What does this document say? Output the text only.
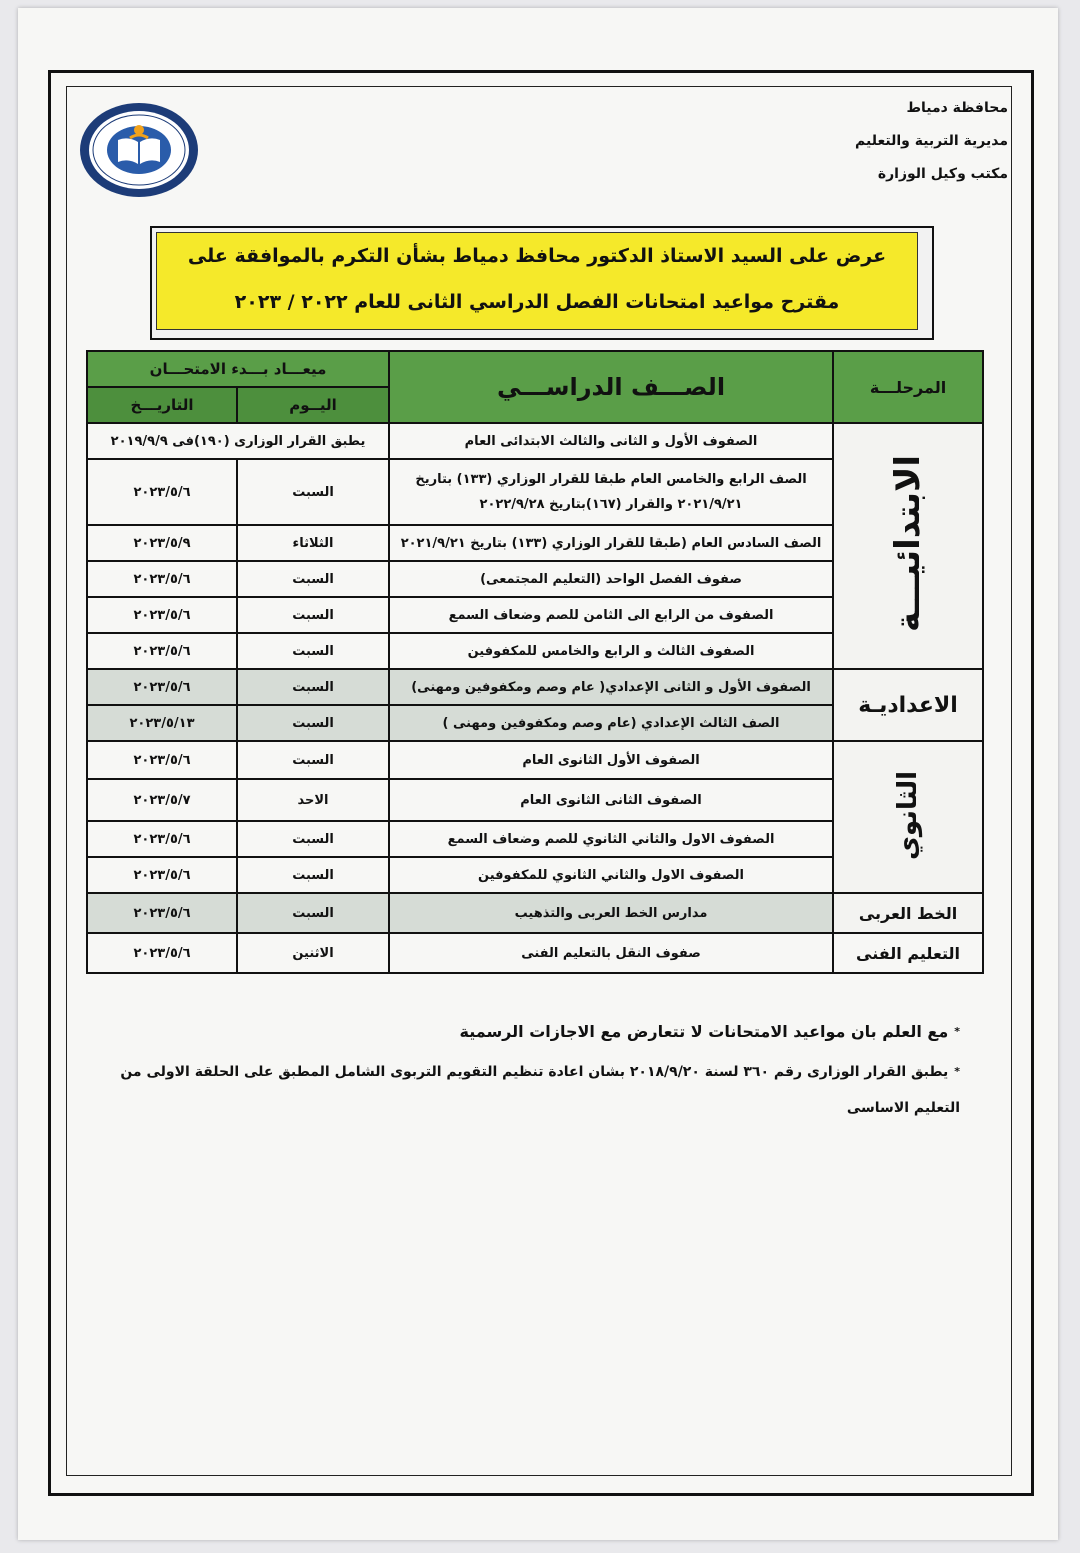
محافظة دمياط
مديرية التربية والتعليم
مكتب وكيل الوزارة
عرض على السيد الاستاذ الدكتور محافظ دمياط بشأن التكرم بالموافقة على
مقترح مواعيد امتحانات الفصل الدراسي الثانى للعام ٢٠٢٢ / ٢٠٢٣
المرحلـــة	الصـــف الدراســـي	ميعـــاد بـــدء الامتحـــان	
		اليــوم	التاريـــخ
الابتدائيـــة	الصفوف الأول و الثانى والثالث الابتدائى العام	يطبق القرار الوزارى (١٩٠)فى ٢٠١٩/٩/٩	

	الصف الرابع والخامس العام طبقا للقرار الوزاري (١٣٣) بتاريخ
٢٠٢١/٩/٢١ والقرار (١٦٧)بتاريخ ٢٠٢٢/٩/٢٨	السبت	٢٠٢٣/٥/٦
	الصف السادس العام (طبقا للقرار الوزاري (١٣٣) بتاريخ ٢٠٢١/٩/٢١	الثلاثاء	٢٠٢٣/٥/٩
	صفوف الفصل الواحد (التعليم المجتمعى)	السبت	٢٠٢٣/٥/٦
	الصفوف من الرابع الى الثامن للصم وضعاف السمع	السبت	٢٠٢٣/٥/٦
	الصفوف الثالث و الرابع والخامس للمكفوفين	السبت	٢٠٢٣/٥/٦
الاعداديـة	الصفوف الأول و الثانى الإعدادي( عام وصم ومكفوفين ومهنى)	السبت	٢٠٢٣/٥/٦
	الصف الثالث الإعدادي (عام وصم ومكفوفين ومهنى )	السبت	٢٠٢٣/٥/١٣
الثانوي	الصفوف الأول الثانوى العام	السبت	٢٠٢٣/٥/٦
	الصفوف الثانى الثانوى العام	الاحد	٢٠٢٣/٥/٧
	الصفوف الاول والثاني الثانوي للصم وضعاف السمع	السبت	٢٠٢٣/٥/٦
	الصفوف الاول والثاني الثانوي للمكفوفين	السبت	٢٠٢٣/٥/٦
الخط العربى	مدارس الخط العربى والتذهيب	السبت	٢٠٢٣/٥/٦
التعليم الفنى	صفوف النقل بالتعليم الفنى	الاثنين	٢٠٢٣/٥/٦
*مع العلم بان مواعيد الامتحانات لا تتعارض مع الاجازات الرسمية
*يطبق القرار الوزارى رقم ٣٦٠ لسنة ٢٠١٨/٩/٢٠ بشان اعادة تنظيم التقويم التربوى الشامل المطبق على الحلقة الاولى من
التعليم الاساسى
